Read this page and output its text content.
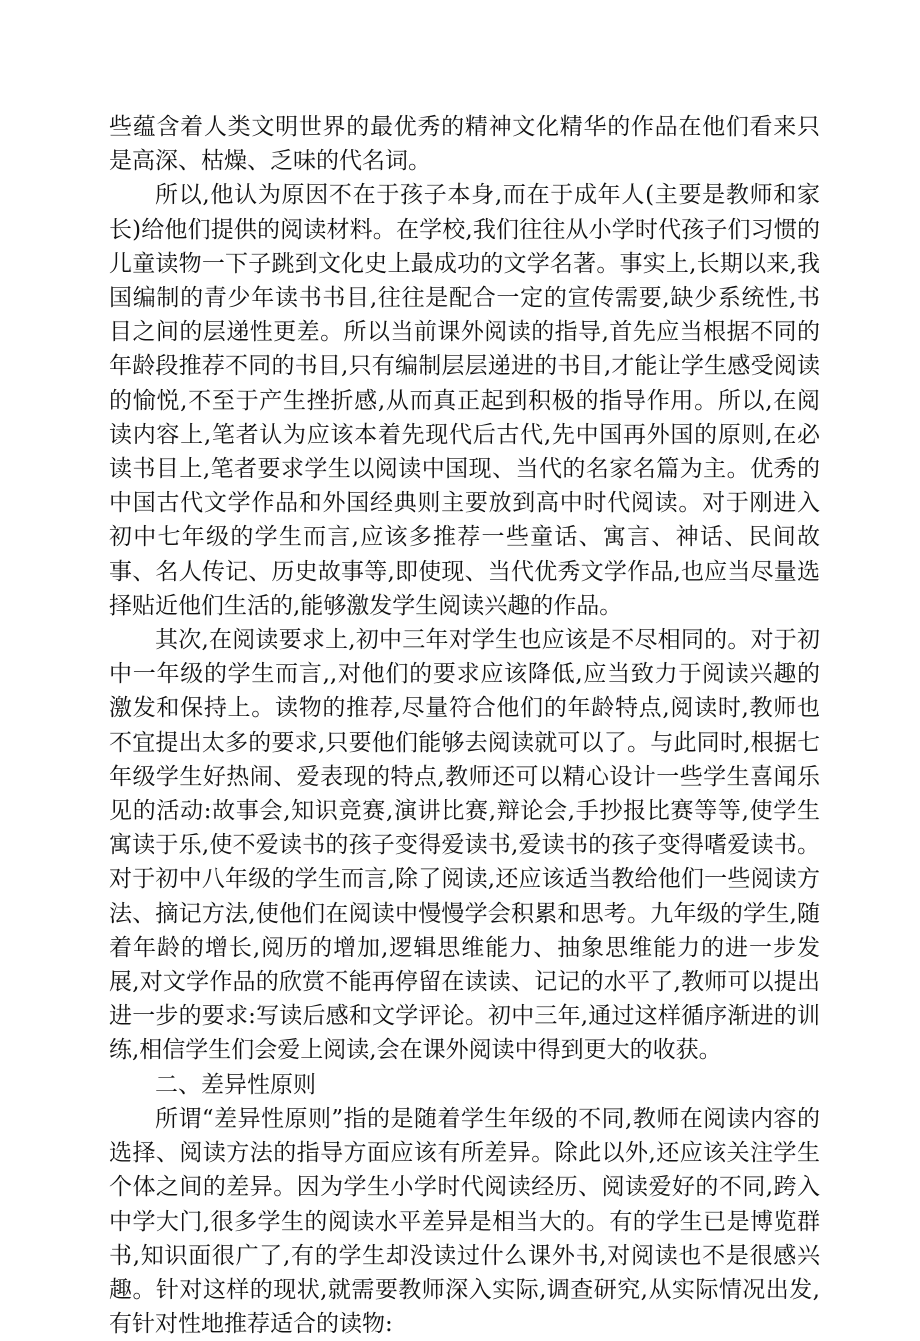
些蕴含着人类文明世界的最优秀的精神文化精华的作品在他们看来只是高深、枯燥、乏味的代名词。

所以,他认为原因不在于孩子本身,而在于成年人(主要是教师和家长)给他们提供的阅读材料。在学校,我们往往从小学时代孩子们习惯的儿童读物一下子跳到文化史上最成功的文学名著。事实上,长期以来,我国编制的青少年读书书目,往往是配合一定的宣传需要,缺少系统性,书目之间的层递性更差。所以当前课外阅读的指导,首先应当根据不同的年龄段推荐不同的书目,只有编制层层递进的书目,才能让学生感受阅读的愉悦,不至于产生挫折感,从而真正起到积极的指导作用。所以,在阅读内容上,笔者认为应该本着先现代后古代,先中国再外国的原则,在必读书目上,笔者要求学生以阅读中国现、当代的名家名篇为主。优秀的中国古代文学作品和外国经典则主要放到高中时代阅读。对于刚进入初中七年级的学生而言,应该多推荐一些童话、寓言、神话、民间故事、名人传记、历史故事等,即使现、当代优秀文学作品,也应当尽量选择贴近他们生活的,能够激发学生阅读兴趣的作品。

其次,在阅读要求上,初中三年对学生也应该是不尽相同的。对于初中一年级的学生而言,,对他们的要求应该降低,应当致力于阅读兴趣的激发和保持上。读物的推荐,尽量符合他们的年龄特点,阅读时,教师也不宜提出太多的要求,只要他们能够去阅读就可以了。与此同时,根据七年级学生好热闹、爱表现的特点,教师还可以精心设计一些学生喜闻乐见的活动:故事会,知识竞赛,演讲比赛,辩论会,手抄报比赛等等,使学生寓读于乐,使不爱读书的孩子变得爱读书,爱读书的孩子变得嗜爱读书。对于初中八年级的学生而言,除了阅读,还应该适当教给他们一些阅读方法、摘记方法,使他们在阅读中慢慢学会积累和思考。九年级的学生,随着年龄的增长,阅历的增加,逻辑思维能力、抽象思维能力的进一步发展,对文学作品的欣赏不能再停留在读读、记记的水平了,教师可以提出进一步的要求:写读后感和文学评论。初中三年,通过这样循序渐进的训练,相信学生们会爱上阅读,会在课外阅读中得到更大的收获。

二、差异性原则

所谓“差异性原则”指的是随着学生年级的不同,教师在阅读内容的选择、阅读方法的指导方面应该有所差异。除此以外,还应该关注学生个体之间的差异。因为学生小学时代阅读经历、阅读爱好的不同,跨入中学大门,很多学生的阅读水平差异是相当大的。有的学生已是博览群书,知识面很广了,有的学生却没读过什么课外书,对阅读也不是很感兴趣。针对这样的现状,就需要教师深入实际,调查研究,从实际情况出发,有针对性地推荐适合的读物:
